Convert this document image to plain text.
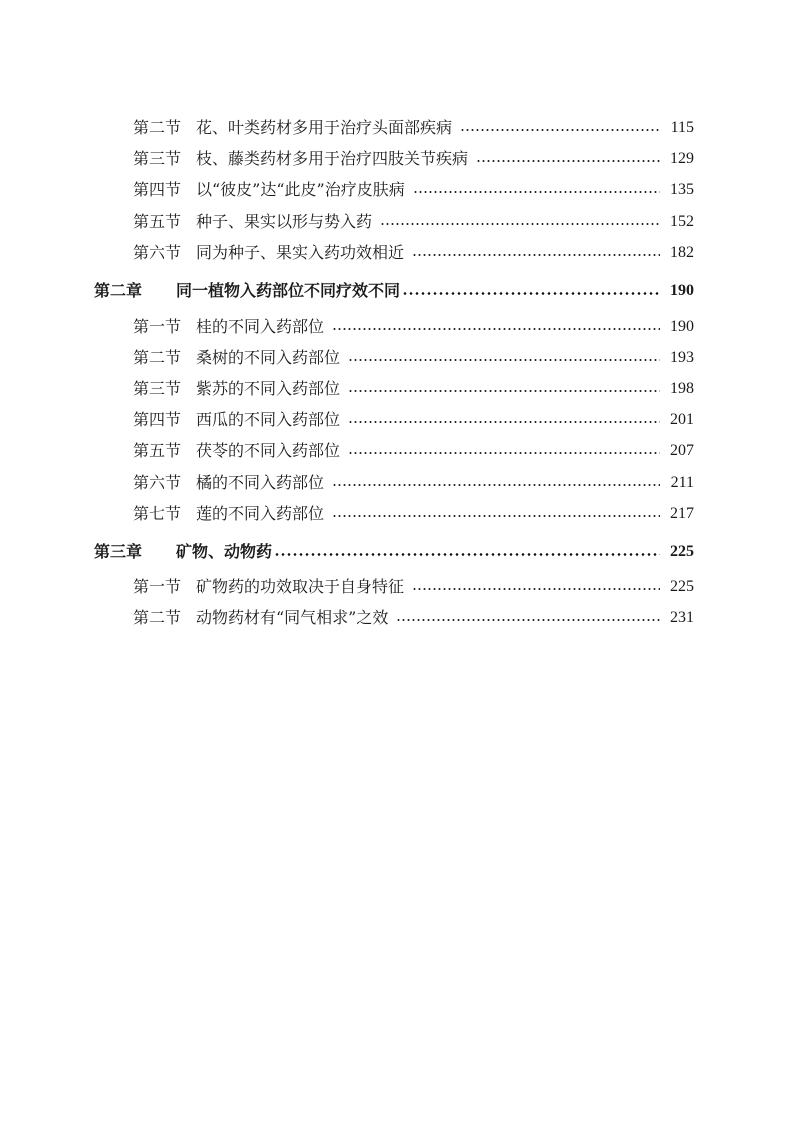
第二节 花、叶类药材多用于治疗头面部疾病	115
第三节 枝、藤类药材多用于治疗四肢关节疾病	129
第四节 以“彼皮”达“此皮”治疗皮肤病	135
第五节 种子、果实以形与势入药	152
第六节 同为种子、果实入药功效相近	182
第二章	同一植物入药部位不同疗效不同	190
第一节 桂的不同入药部位	190
第二节 桑树的不同入药部位	193
第三节 紫苏的不同入药部位	198
第四节 西瓜的不同入药部位	201
第五节 茯苓的不同入药部位	207
第六节 橘的不同入药部位	211
第七节 莲的不同入药部位	217
第三章	矿物、动物药	225
第一节 矿物药的功效取决于自身特征	225
第二节 动物药材有“同气相求”之效	231
